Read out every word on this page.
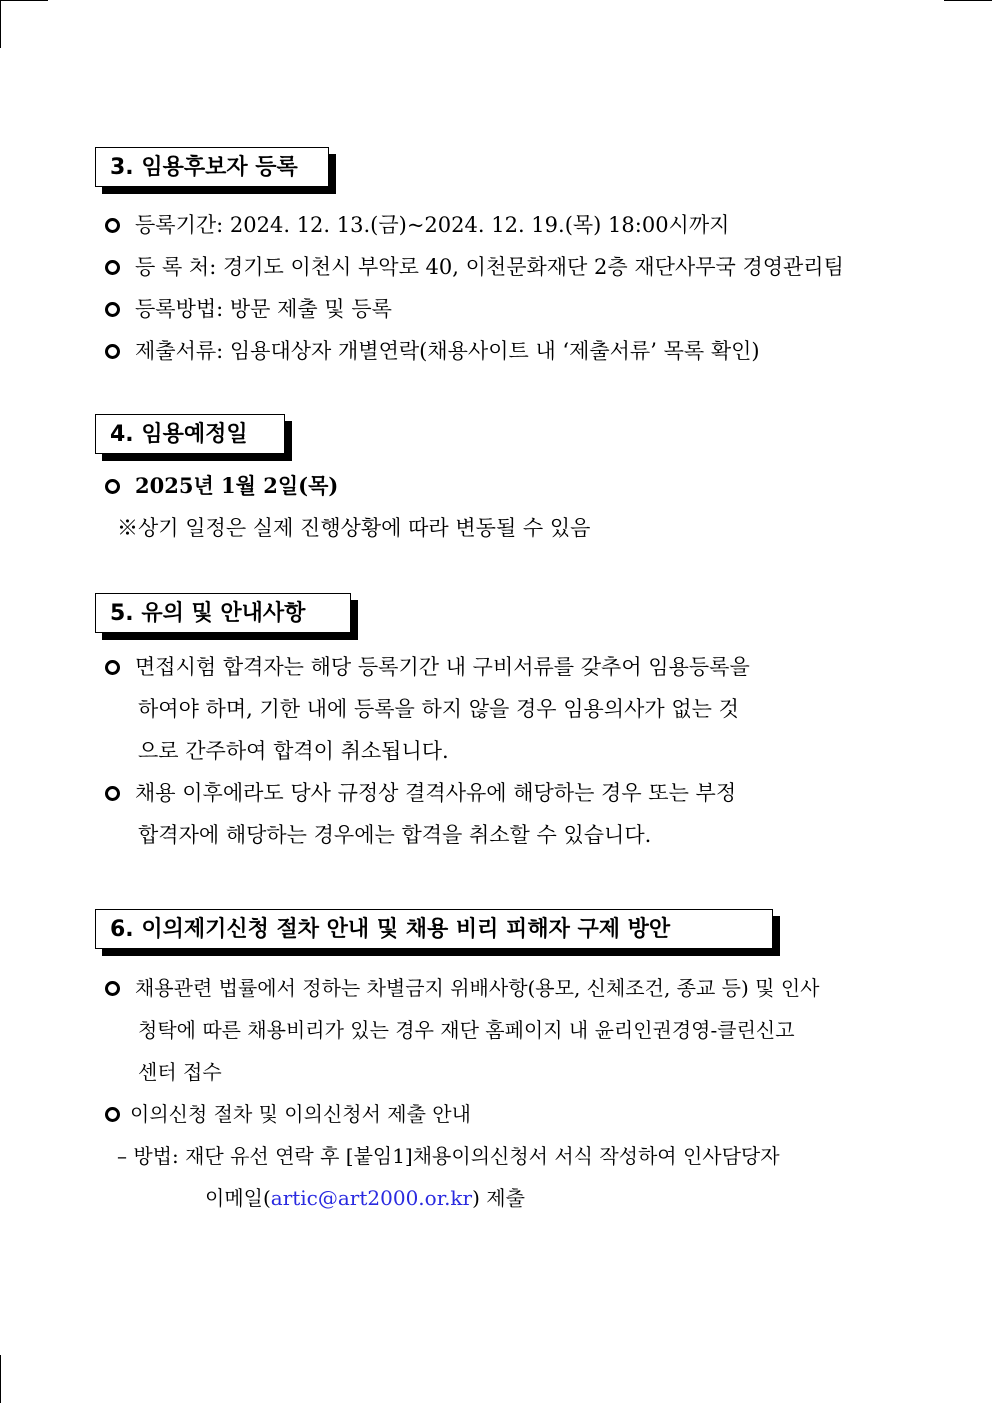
3. 임용후보자 등록
등록기간: 2024. 12. 13.(금)~2024. 12. 19.(목) 18:00시까지
등 록 처: 경기도 이천시 부악로 40, 이천문화재단 2층 재단사무국 경영관리팀
등록방법: 방문 제출 및 등록
제출서류: 임용대상자 개별연락(채용사이트 내 ‘제출서류’ 목록 확인)
4. 임용예정일
2025년 1월 2일(목)
※상기 일정은 실제 진행상황에 따라 변동될 수 있음
5. 유의 및 안내사항
면접시험 합격자는 해당 등록기간 내 구비서류를 갖추어 임용등록을
하여야 하며, 기한 내에 등록을 하지 않을 경우 임용의사가 없는 것
으로 간주하여 합격이 취소됩니다.
채용 이후에라도 당사 규정상 결격사유에 해당하는 경우 또는 부정
합격자에 해당하는 경우에는 합격을 취소할 수 있습니다.
6. 이의제기신청 절차 안내 및 채용 비리 피해자 구제 방안
채용관련 법률에서 정하는 차별금지 위배사항(용모, 신체조건, 종교 등) 및 인사
청탁에 따른 채용비리가 있는 경우 재단 홈페이지 내 윤리인권경영-클린신고
센터 접수
이의신청 절차 및 이의신청서 제출 안내
– 방법: 재단 유선 연락 후 [붙임1]채용이의신청서 서식 작성하여 인사담당자
이메일(artic@art2000.or.kr) 제출
